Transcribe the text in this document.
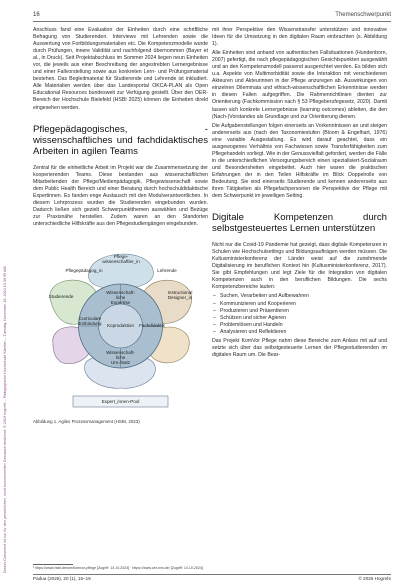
Dieses Dokument ist nur für den persönlichen, nicht kommerziellen Gebrauch bestimmt. © 2019 hogrefe – Pädagogische Hochschule Kärnten – Tuesday, November 19, 2024 10:39:59 AM
16	Themenschwerpunkt

Anschluss fand eine Evaluation der Einheiten durch eine schriftliche Befragung von Studierenden. Interviews mit Lehrenden sowie die Auswertung von Fortbildungsmaterialien etc. Die Kompetenzmodelle wurde durch Prüfungen, innere Validität und nachfolgend übernommen (Bayer et al., in Druck). Seit Projektabschluss im Sommer 2024 liegen neun Einheiten vor, die jeweils aus einer Beschreibung der angestrebten Lernergebnisse und einer Fallvorstellung sowie aus konkreten Lern- und Prüfungsmaterial bestehen. Das Begleitmaterial für Studierende und Lehrende ist inkludiert. Alle Materialien werden über das Landesportal OKCA-PLAN als Open Educational Resources bundesweit zur Verfügung gestellt. Über den OER-Bereich der Hochschule Bielefeld (HSBI 2025) können die Einheiten direkt eingesehen werden.

Pflegepädagogisches, -wissenschaftliches und fachdidaktisches Arbeiten in agilen Teams

Zentral für die einheitliche Arbeit im Projekt war die Zusammensetzung der kooperierenden Teams. Diese bestanden aus wissenschaftlichen Mitarbeitenden der Pflege/Medienpädagogik, Pflegewissenschaft sowie dem Public Health Bereich und einer Beratung durch hochschuldidaktische Expertinnen. Es fanden enge Austausch mit den Modulverantwortlichen. In diesem Lehrprozess wurden die Studierenden eingebunden wurden. Dadurch ließen sich gezielt Schwerpunktthemen auswählen und Bezüge zur Praxisnähe herstellen. Zudem waren an den Standorten unterschiedliche Hilfskräfte aus den Pflegestudiengängen eingebunden.

Pflege-
wissenschaftler_in
Lehrende
Pflegepädagog_in
Studierende
Instructional
Designer_in
Wissenschaft-
liche
Expertise
Curriculare
Einbindung	Koproduktion	Fachdidaktik
Wissenschaft-
liche
Um-/Satz
Expert_innen-Pool
Abbildung 1. Agiles Prozessmanagement (HSBI, 2023)

mit ihrer Perspektive den Wissenstransfer unterstützen und innovative Ideen für die Umsetzung in den digitalen Raum einbrachten (s. Abbildung 1).

Alle Einheiten sind anhand von authentischen Fallsituationen (Hundenborn, 2007) gefertigt, die nach pflegepädagogischen Gesichtspunkten ausgewählt und an den Kompetenzmodell passend ausgerichtet werden. Es bilden sich u.a. Aspekte von Multimorbidität sowie die Interaktion mit verschiedenen Akteuren und Akteurinnen in der Pflege anzuregen ab. Auswirkungen von einzelnen Dilemmata und ethisch-wissenschaftlichen Erkenntnisse werden in diesen Fallen aufgegriffen. Die Rahmenrichtlinien dienten zur Orientierung (Fachkommission nach § 53 Pflegeberufegesetz, 2020). Damit lassen sich konkrete Lernergebnisse (learning outcomes) ableiten, die den (Nach-)Vorstandes als Grundlage und zur Orientierung dienen.

Die Aufgabenstellungen folgen einerseits an Vorkenntnissen an und steigen andererseits aus (nach den Taxonomiestufen (Bloom & Engelhart, 1976) eine variable Ausgestaltung. Es wird darauf geachtet, dass ein ausgewogenes Verhältnis von Fachwissen sowie Transferfähigkeiten zum Pflegehandeln vorliegt. Wie in der Genussvielfalt gefordert, werden die Fälle in die unterschiedlichen Versorgungsbereich einen spezialisiert-Sozialraum und Besondersheiten eingebettet. Auch hier waren die praktischen Erfahrungen der in den Teilen Hilfskräfte im Blick Doppelrolle von Bedeutung. Sie sind einerseits Studierende und kennen andererseits aus ihren Tätigkeiten als Pflegefachpersonen die Perspektive der Pflege mit dem Schwerpunkt im jeweiligen Setting.

Digitale Kompetenzen durch selbstgesteuertes Lernen unterstützen

Nicht nur die Covid-19 Pandemie hat gezeigt, dass digitale Kompetenzen in Schulen wie Hochschulsettings und Bildungsaufträgen werden müssen. Die Kultusministerkonferenz der Länder weist auf die zunehmende Digitalisierung im beruflichen Kontext hin (Kultusministerkonferenz, 2017). Sie gibt Empfehlungen und legt Ziele für die Integration von digitalen Kompetenzen auch in den beruflichen Bildungen. Die sechs Kompetenzbereiche lauten:

– Suchen, Verarbeiten und Aufbewahren
– Kommunizieren und Kooperieren
– Produzieren und Präsentieren
– Schützen und sicher Agieren
– Problemlösen und Handeln
– Analysieren und Reflektieren

Das Projekt KomVor Pflege nahm diese Bereiche zum Anlass mit auf und setzte sich über das selbstgesteuerte Lernen der Pflegestudierenden im digitalen Raum um. Die Bear-

¹ https://www.hsbi.de/oer/komvor-pflege [Zugriff: 14.10.2024] · https://www.oer-nrw.de/ [Zugriff: 14.10.2024]
Padua (2025), 20 (1), 15–19	© 2025 Hogrefe
